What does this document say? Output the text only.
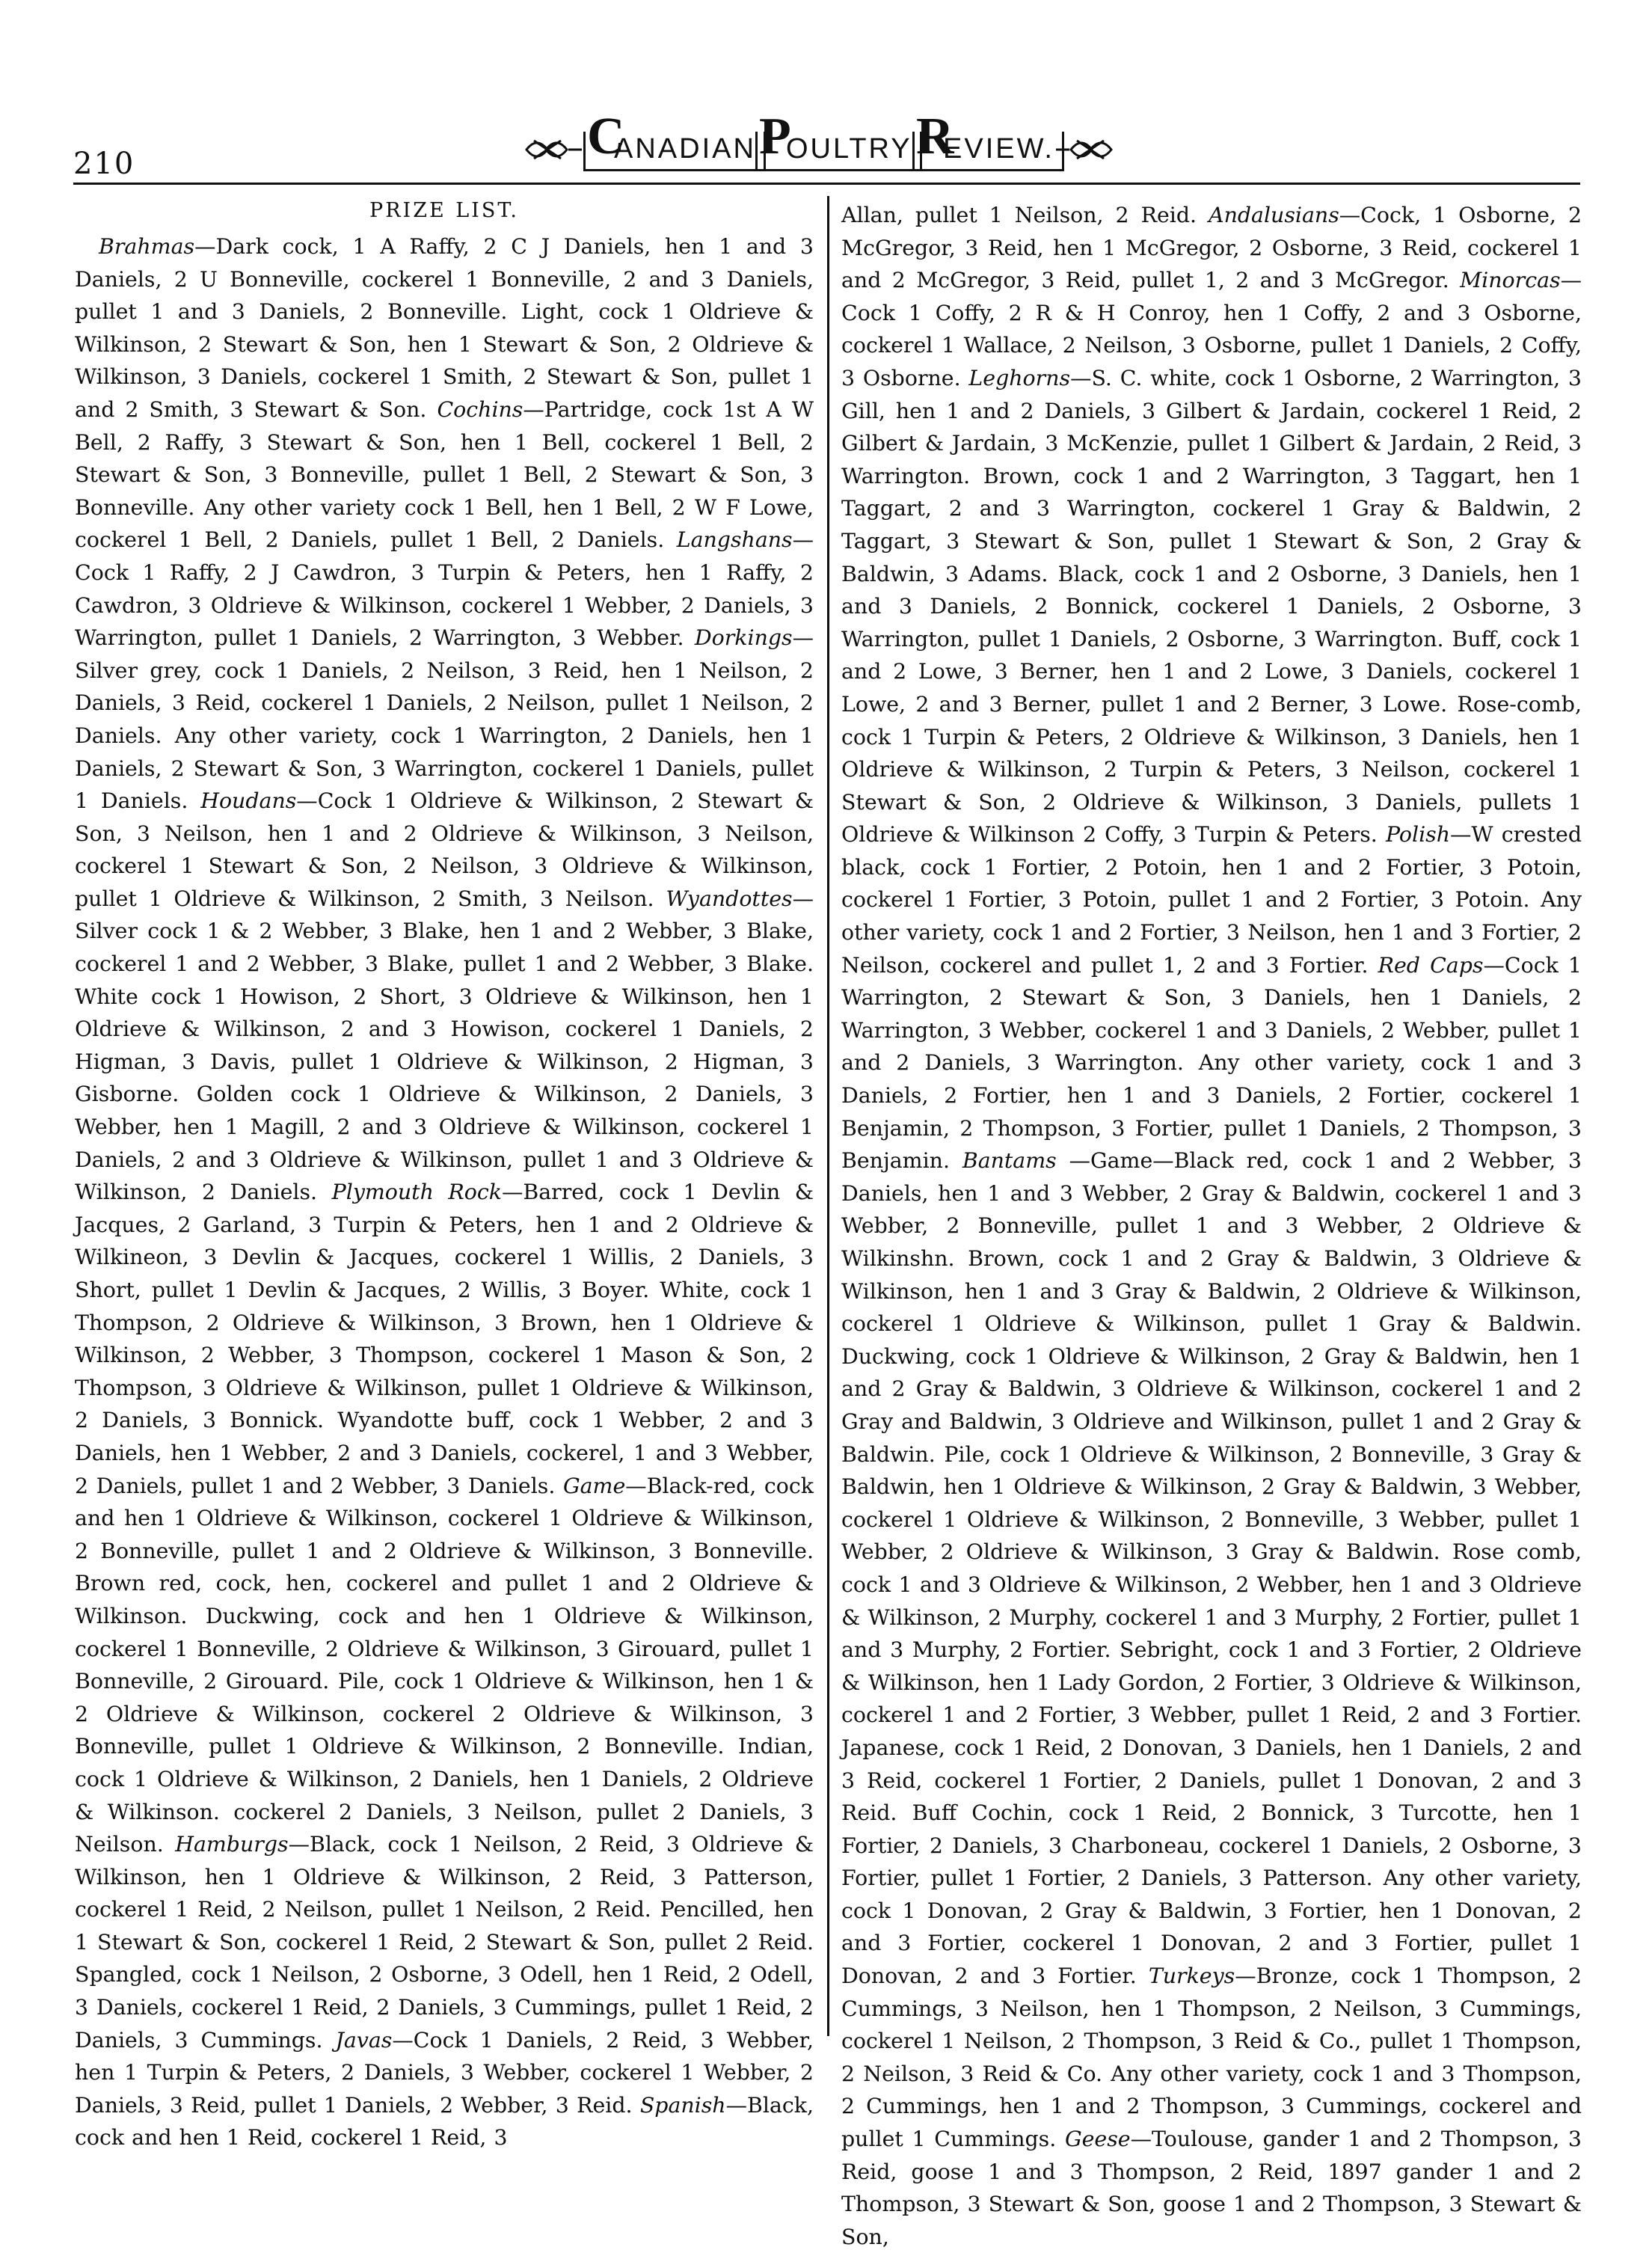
210	C
ANADIAN P
OULTRY R
EVIEW.
PRIZE LIST.

Brahmas—Dark cock, 1 A Raffy, 2 C J Daniels, hen 1 and 3 Daniels, 2 U Bonneville, cockerel 1 Bonneville, 2 and 3 Daniels, pullet 1 and 3 Daniels, 2 Bonneville. Light, cock 1 Oldrieve & Wilkinson, 2 Stewart & Son, hen 1 Stewart & Son, 2 Oldrieve & Wilkinson, 3 Daniels, cockerel 1 Smith, 2 Stewart & Son, pullet 1 and 2 Smith, 3 Stewart & Son. Cochins—Partridge, cock 1st A W Bell, 2 Raffy, 3 Stewart & Son, hen 1 Bell, cockerel 1 Bell, 2 Stewart & Son, 3 Bonneville, pullet 1 Bell, 2 Stewart & Son, 3 Bonneville. Any other variety cock 1 Bell, hen 1 Bell, 2 W F Lowe, cockerel 1 Bell, 2 Daniels, pullet 1 Bell, 2 Daniels. Langshans—Cock 1 Raffy, 2 J Cawdron, 3 Turpin & Peters, hen 1 Raffy, 2 Cawdron, 3 Oldrieve & Wilkinson, cockerel 1 Webber, 2 Daniels, 3 Warrington, pullet 1 Daniels, 2 Warrington, 3 Webber. Dorkings—Silver grey, cock 1 Daniels, 2 Neilson, 3 Reid, hen 1 Neilson, 2 Daniels, 3 Reid, cockerel 1 Daniels, 2 Neilson, pullet 1 Neilson, 2 Daniels. Any other variety, cock 1 Warrington, 2 Daniels, hen 1 Daniels, 2 Stewart & Son, 3 Warrington, cockerel 1 Daniels, pullet 1 Daniels. Houdans—Cock 1 Oldrieve & Wilkinson, 2 Stewart & Son, 3 Neilson, hen 1 and 2 Oldrieve & Wilkinson, 3 Neilson, cockerel 1 Stewart & Son, 2 Neilson, 3 Oldrieve & Wilkinson, pullet 1 Oldrieve & Wilkinson, 2 Smith, 3 Neilson. Wyandottes—Silver cock 1 & 2 Webber, 3 Blake, hen 1 and 2 Webber, 3 Blake, cockerel 1 and 2 Webber, 3 Blake, pullet 1 and 2 Webber, 3 Blake. White cock 1 Howison, 2 Short, 3 Oldrieve & Wilkinson, hen 1 Oldrieve & Wilkinson, 2 and 3 Howison, cockerel 1 Daniels, 2 Higman, 3 Davis, pullet 1 Oldrieve & Wilkinson, 2 Higman, 3 Gisborne. Golden cock 1 Oldrieve & Wilkinson, 2 Daniels, 3 Webber, hen 1 Magill, 2 and 3 Oldrieve & Wilkinson, cockerel 1 Daniels, 2 and 3 Oldrieve & Wilkinson, pullet 1 and 3 Oldrieve & Wilkinson, 2 Daniels. Plymouth Rock—Barred, cock 1 Devlin & Jacques, 2 Garland, 3 Turpin & Peters, hen 1 and 2 Oldrieve & Wilkineon, 3 Devlin & Jacques, cockerel 1 Willis, 2 Daniels, 3 Short, pullet 1 Devlin & Jacques, 2 Willis, 3 Boyer. White, cock 1 Thompson, 2 Oldrieve & Wilkinson, 3 Brown, hen 1 Oldrieve & Wilkinson, 2 Webber, 3 Thompson, cockerel 1 Mason & Son, 2 Thompson, 3 Oldrieve & Wilkinson, pullet 1 Oldrieve & Wilkinson, 2 Daniels, 3 Bonnick. Wyandotte buff, cock 1 Webber, 2 and 3 Daniels, hen 1 Webber, 2 and 3 Daniels, cockerel, 1 and 3 Webber, 2 Daniels, pullet 1 and 2 Webber, 3 Daniels. Game—Black-red, cock and hen 1 Oldrieve & Wilkinson, cockerel 1 Oldrieve & Wilkinson, 2 Bonneville, pullet 1 and 2 Oldrieve & Wilkinson, 3 Bonneville. Brown red, cock, hen, cockerel and pullet 1 and 2 Oldrieve & Wilkinson. Duckwing, cock and hen 1 Oldrieve & Wilkinson, cockerel 1 Bonneville, 2 Oldrieve & Wilkinson, 3 Girouard, pullet 1 Bonneville, 2 Girouard. Pile, cock 1 Oldrieve & Wilkinson, hen 1 & 2 Oldrieve & Wilkinson, cockerel 2 Oldrieve & Wilkinson, 3 Bonneville, pullet 1 Oldrieve & Wilkinson, 2 Bonneville. Indian, cock 1 Oldrieve & Wilkinson, 2 Daniels, hen 1 Daniels, 2 Oldrieve & Wilkinson. cockerel 2 Daniels, 3 Neilson, pullet 2 Daniels, 3 Neilson. Hamburgs—Black, cock 1 Neilson, 2 Reid, 3 Oldrieve & Wilkinson, hen 1 Oldrieve & Wilkinson, 2 Reid, 3 Patterson, cockerel 1 Reid, 2 Neilson, pullet 1 Neilson, 2 Reid. Pencilled, hen 1 Stewart & Son, cockerel 1 Reid, 2 Stewart & Son, pullet 2 Reid. Spangled, cock 1 Neilson, 2 Osborne, 3 Odell, hen 1 Reid, 2 Odell, 3 Daniels, cockerel 1 Reid, 2 Daniels, 3 Cummings, pullet 1 Reid, 2 Daniels, 3 Cummings. Javas—Cock 1 Daniels, 2 Reid, 3 Webber, hen 1 Turpin & Peters, 2 Daniels, 3 Webber, cockerel 1 Webber, 2 Daniels, 3 Reid, pullet 1 Daniels, 2 Webber, 3 Reid. Spanish—Black, cock and hen 1 Reid, cockerel 1 Reid, 3

Allan, pullet 1 Neilson, 2 Reid. Andalusians—Cock, 1 Osborne, 2 McGregor, 3 Reid, hen 1 McGregor, 2 Osborne, 3 Reid, cockerel 1 and 2 McGregor, 3 Reid, pullet 1, 2 and 3 McGregor. Minorcas—Cock 1 Coffy, 2 R & H Conroy, hen 1 Coffy, 2 and 3 Osborne, cockerel 1 Wallace, 2 Neilson, 3 Osborne, pullet 1 Daniels, 2 Coffy, 3 Osborne. Leghorns—S. C. white, cock 1 Osborne, 2 Warrington, 3 Gill, hen 1 and 2 Daniels, 3 Gilbert & Jardain, cockerel 1 Reid, 2 Gilbert & Jardain, 3 McKenzie, pullet 1 Gilbert & Jardain, 2 Reid, 3 Warrington. Brown, cock 1 and 2 Warrington, 3 Taggart, hen 1 Taggart, 2 and 3 Warrington, cockerel 1 Gray & Baldwin, 2 Taggart, 3 Stewart & Son, pullet 1 Stewart & Son, 2 Gray & Baldwin, 3 Adams. Black, cock 1 and 2 Osborne, 3 Daniels, hen 1 and 3 Daniels, 2 Bonnick, cockerel 1 Daniels, 2 Osborne, 3 Warrington, pullet 1 Daniels, 2 Osborne, 3 Warrington. Buff, cock 1 and 2 Lowe, 3 Berner, hen 1 and 2 Lowe, 3 Daniels, cockerel 1 Lowe, 2 and 3 Berner, pullet 1 and 2 Berner, 3 Lowe. Rose-comb, cock 1 Turpin & Peters, 2 Oldrieve & Wilkinson, 3 Daniels, hen 1 Oldrieve & Wilkinson, 2 Turpin & Peters, 3 Neilson, cockerel 1 Stewart & Son, 2 Oldrieve & Wilkinson, 3 Daniels, pullets 1 Oldrieve & Wilkinson 2 Coffy, 3 Turpin & Peters. Polish—W crested black, cock 1 Fortier, 2 Potoin, hen 1 and 2 Fortier, 3 Potoin, cockerel 1 Fortier, 3 Potoin, pullet 1 and 2 Fortier, 3 Potoin. Any other variety, cock 1 and 2 Fortier, 3 Neilson, hen 1 and 3 Fortier, 2 Neilson, cockerel and pullet 1, 2 and 3 Fortier. Red Caps—Cock 1 Warrington, 2 Stewart & Son, 3 Daniels, hen 1 Daniels, 2 Warrington, 3 Webber, cockerel 1 and 3 Daniels, 2 Webber, pullet 1 and 2 Daniels, 3 Warrington. Any other variety, cock 1 and 3 Daniels, 2 Fortier, hen 1 and 3 Daniels, 2 Fortier, cockerel 1 Benjamin, 2 Thompson, 3 Fortier, pullet 1 Daniels, 2 Thompson, 3 Benjamin. Bantams —Game—Black red, cock 1 and 2 Webber, 3 Daniels, hen 1 and 3 Webber, 2 Gray & Baldwin, cockerel 1 and 3 Webber, 2 Bonneville, pullet 1 and 3 Webber, 2 Oldrieve & Wilkinshn. Brown, cock 1 and 2 Gray & Baldwin, 3 Oldrieve & Wilkinson, hen 1 and 3 Gray & Baldwin, 2 Oldrieve & Wilkinson, cockerel 1 Oldrieve & Wilkinson, pullet 1 Gray & Baldwin. Duckwing, cock 1 Oldrieve & Wilkinson, 2 Gray & Baldwin, hen 1 and 2 Gray & Baldwin, 3 Oldrieve & Wilkinson, cockerel 1 and 2 Gray and Baldwin, 3 Oldrieve and Wilkinson, pullet 1 and 2 Gray & Baldwin. Pile, cock 1 Oldrieve & Wilkinson, 2 Bonneville, 3 Gray & Baldwin, hen 1 Oldrieve & Wilkinson, 2 Gray & Baldwin, 3 Webber, cockerel 1 Oldrieve & Wilkinson, 2 Bonneville, 3 Webber, pullet 1 Webber, 2 Oldrieve & Wilkinson, 3 Gray & Baldwin. Rose comb, cock 1 and 3 Oldrieve & Wilkinson, 2 Webber, hen 1 and 3 Oldrieve & Wilkinson, 2 Murphy, cockerel 1 and 3 Murphy, 2 Fortier, pullet 1 and 3 Murphy, 2 Fortier. Sebright, cock 1 and 3 Fortier, 2 Oldrieve & Wilkinson, hen 1 Lady Gordon, 2 Fortier, 3 Oldrieve & Wilkinson, cockerel 1 and 2 Fortier, 3 Webber, pullet 1 Reid, 2 and 3 Fortier. Japanese, cock 1 Reid, 2 Donovan, 3 Daniels, hen 1 Daniels, 2 and 3 Reid, cockerel 1 Fortier, 2 Daniels, pullet 1 Donovan, 2 and 3 Reid. Buff Cochin, cock 1 Reid, 2 Bonnick, 3 Turcotte, hen 1 Fortier, 2 Daniels, 3 Charboneau, cockerel 1 Daniels, 2 Osborne, 3 Fortier, pullet 1 Fortier, 2 Daniels, 3 Patterson. Any other variety, cock 1 Donovan, 2 Gray & Baldwin, 3 Fortier, hen 1 Donovan, 2 and 3 Fortier, cockerel 1 Donovan, 2 and 3 Fortier, pullet 1 Donovan, 2 and 3 Fortier. Turkeys—Bronze, cock 1 Thompson, 2 Cummings, 3 Neilson, hen 1 Thompson, 2 Neilson, 3 Cummings, cockerel 1 Neilson, 2 Thompson, 3 Reid & Co., pullet 1 Thompson, 2 Neilson, 3 Reid & Co. Any other variety, cock 1 and 3 Thompson, 2 Cummings, hen 1 and 2 Thompson, 3 Cummings, cockerel and pullet 1 Cummings. Geese—Toulouse, gander 1 and 2 Thompson, 3 Reid, goose 1 and 3 Thompson, 2 Reid, 1897 gander 1 and 2 Thompson, 3 Stewart & Son, goose 1 and 2 Thompson, 3 Stewart & Son,
